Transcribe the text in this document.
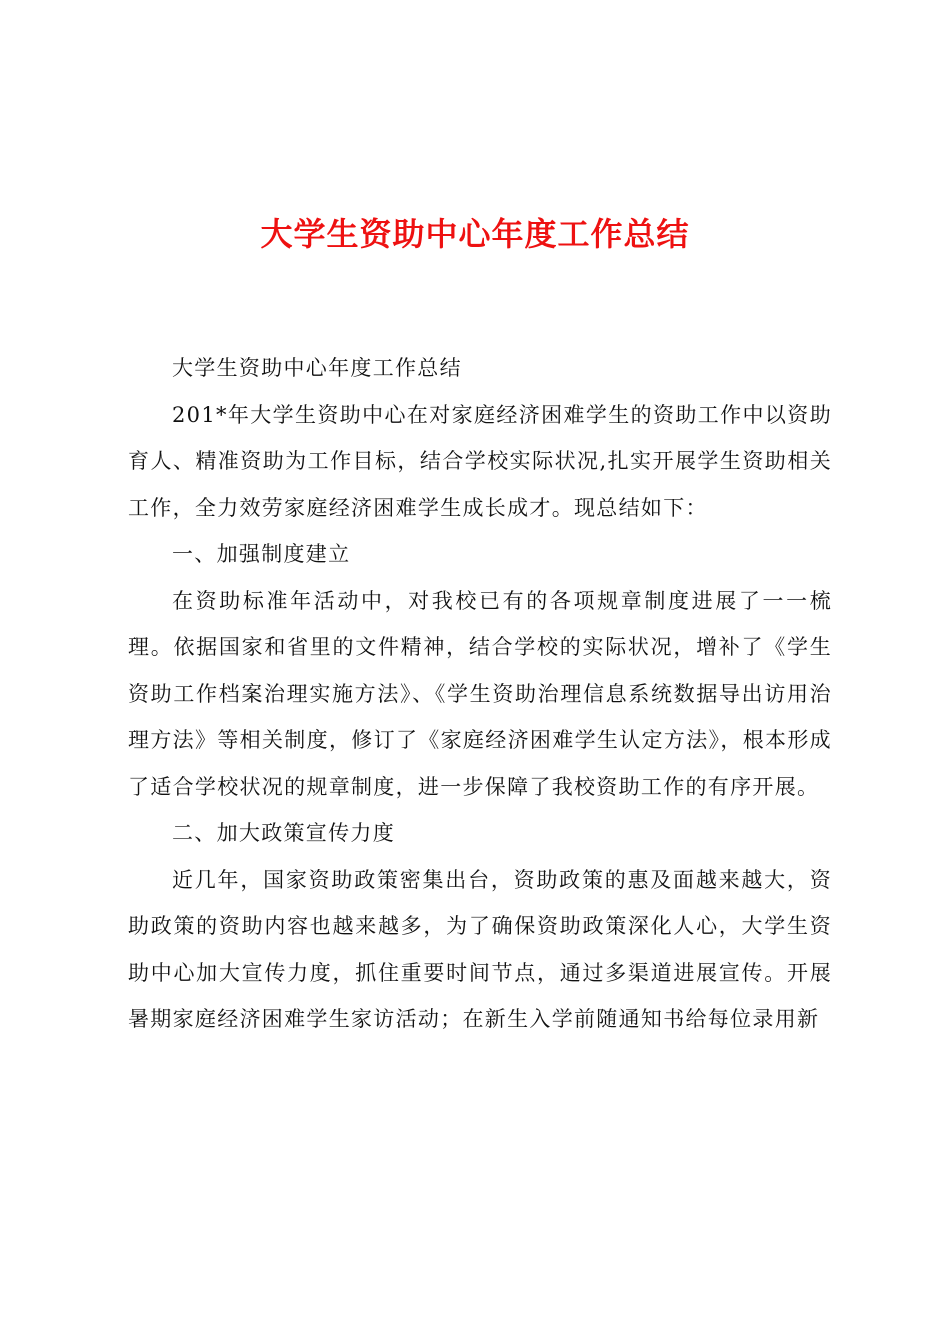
大学生资助中心年度工作总结

大学生资助中心年度工作总结

201*年大学生资助中心在对家庭经济困难学生的资助工作中以资助育人、精准资助为工作目标，结合学校实际状况,扎实开展学生资助相关工作，全力效劳家庭经济困难学生成长成才。现总结如下：

一、加强制度建立

在资助标准年活动中，对我校已有的各项规章制度进展了一一梳理。依据国家和省里的文件精神，结合学校的实际状况，增补了《学生资助工作档案治理实施方法》、《学生资助治理信息系统数据导出访用治理方法》等相关制度，修订了《家庭经济困难学生认定方法》，根本形成了适合学校状况的规章制度，进一步保障了我校资助工作的有序开展。

二、加大政策宣传力度

近几年，国家资助政策密集出台，资助政策的惠及面越来越大，资助政策的资助内容也越来越多，为了确保资助政策深化人心，大学生资助中心加大宣传力度，抓住重要时间节点，通过多渠道进展宣传。开展暑期家庭经济困难学生家访活动；在新生入学前随通知书给每位录用新
